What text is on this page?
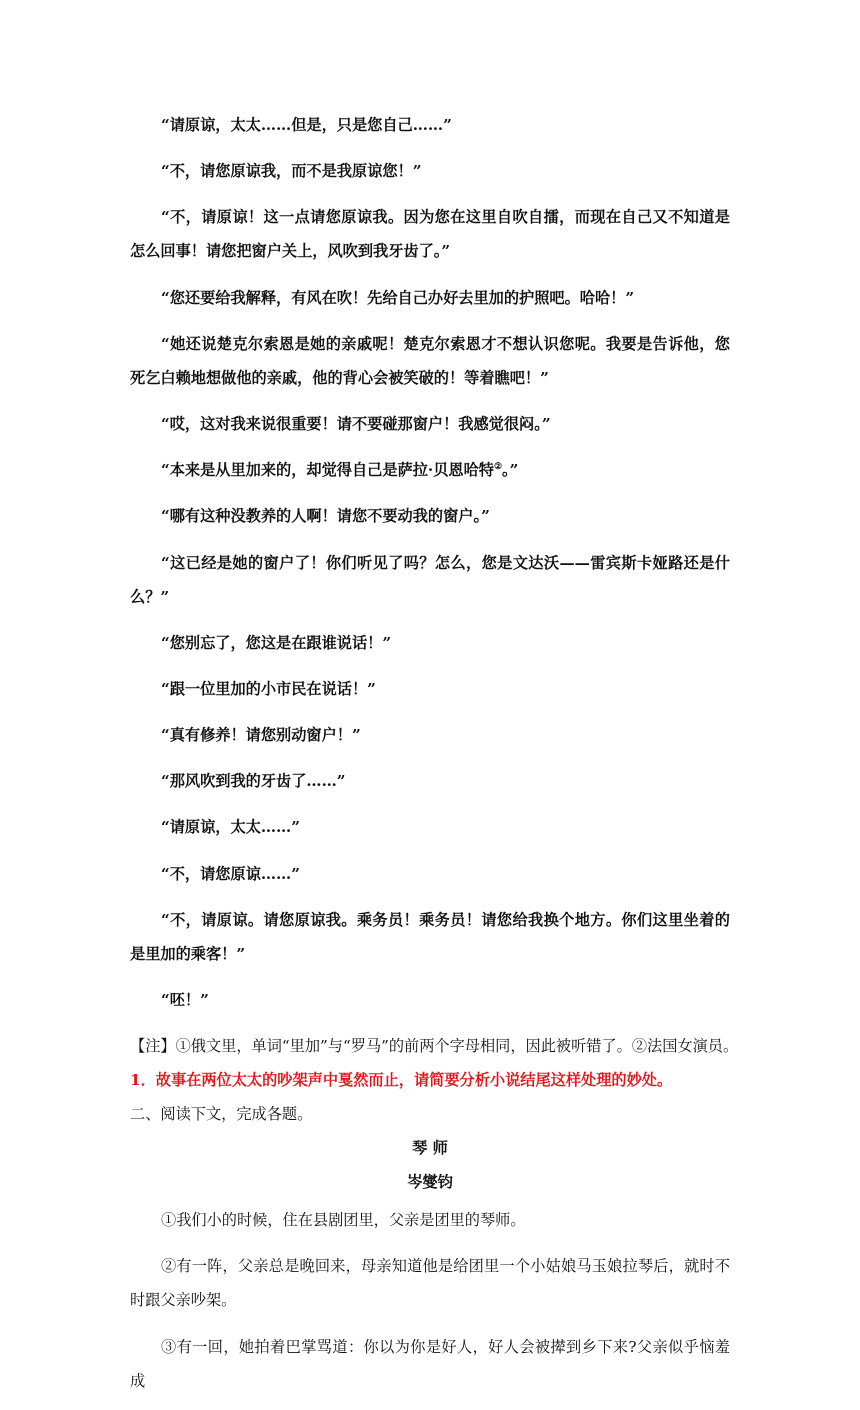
“请原谅，太太……但是，只是您自己……”

“不，请您原谅我，而不是我原谅您！”

“不，请原谅！这一点请您原谅我。因为您在这里自吹自擂，而现在自己又不知道是怎么回事！请您把窗户关上，风吹到我牙齿了。”

“您还要给我解释，有风在吹！先给自己办好去里加的护照吧。哈哈！”

“她还说楚克尔索恩是她的亲戚呢！楚克尔索恩才不想认识您呢。我要是告诉他，您死乞白赖地想做他的亲戚，他的背心会被笑破的！等着瞧吧！”

“哎，这对我来说很重要！请不要碰那窗户！我感觉很闷。”

“本来是从里加来的，却觉得自己是萨拉·贝恩哈特②。”

“哪有这种没教养的人啊！请您不要动我的窗户。”

“这已经是她的窗户了！你们听见了吗？怎么，您是文达沃——雷宾斯卡娅路还是什么？”

“您别忘了，您这是在跟谁说话！”

“跟一位里加的小市民在说话！”

“真有修养！请您别动窗户！”

“那风吹到我的牙齿了……”

“请原谅，太太……”

“不，请您原谅……”

“不，请原谅。请您原谅我。乘务员！乘务员！请您给我换个地方。你们这里坐着的是里加的乘客！”

“呸！”

【注】①俄文里，单词“里加”与“罗马”的前两个字母相同，因此被听错了。②法国女演员。

1．故事在两位太太的吵架声中戛然而止，请简要分析小说结尾这样处理的妙处。

二、阅读下文，完成各题。

琴 师

岑燮钧

①我们小的时候，住在县剧团里，父亲是团里的琴师。

②有一阵，父亲总是晚回来，母亲知道他是给团里一个小姑娘马玉娘拉琴后，就时不时跟父亲吵架。

③有一回，她拍着巴掌骂道：你以为你是好人，好人会被撵到乡下来?父亲似乎恼羞成
